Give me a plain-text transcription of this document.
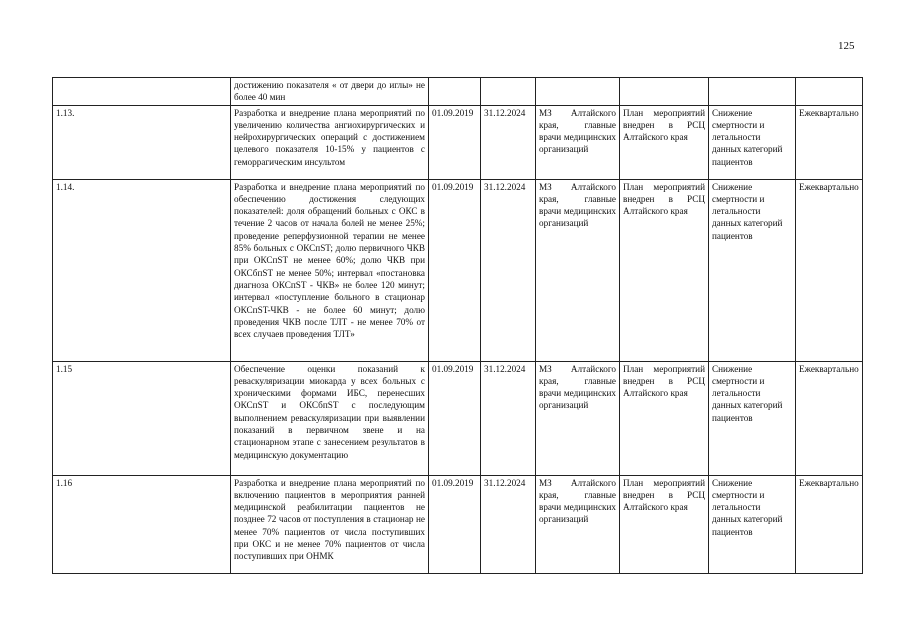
125
	достижению показателя « от двери до иглы» не более 40 мин						
1.13.	Разработка и внедрение плана мероприятий по увеличению количества ангиохирургических и нейрохирургических операций с достижением целевого показателя 10-15% у пациентов с геморрагическим инсультом	01.09.2019	31.12.2024	МЗ Алтайского края, главные врачи медицинских организаций	План мероприятий внедрен в РСЦ Алтайского края	Снижение смертности и летальности данных категорий пациентов	Ежеквартально
1.14.	Разработка и внедрение плана мероприятий по обеспечению достижения следующих показателей: доля обращений больных с ОКС в течение 2 часов от начала болей не менее 25%; проведение реперфузионной терапии не менее 85% больных с ОКСпST; долю первичного ЧКВ при ОКСпST не менее 60%; долю ЧКВ при ОКСбпST не менее 50%; интервал «постановка диагноза ОКСпST - ЧКВ» не более 120 минут; интервал «поступление больного в стационар ОКСпST-ЧКВ - не более 60 минут; долю проведения ЧКВ после ТЛТ - не менее 70% от всех случаев проведения ТЛТ»	01.09.2019	31.12.2024	МЗ Алтайского края, главные врачи медицинских организаций	План мероприятий внедрен в РСЦ Алтайского края	Снижение смертности и летальности данных категорий пациентов	Ежеквартально
1.15	Обеспечение оценки показаний к реваскуляризации миокарда у всех больных с хроническими формами ИБС, перенесших ОКСпST и ОКСбпST с последующим выполнением реваскуляризации при выявлении показаний в первичном звене и на стационарном этапе с занесением результатов в медицинскую документацию	01.09.2019	31.12.2024	МЗ Алтайского края, главные врачи медицинских организаций	План мероприятий внедрен в РСЦ Алтайского края	Снижение смертности и летальности данных категорий пациентов	Ежеквартально
1.16	Разработка и внедрение плана мероприятий по включению пациентов в мероприятия ранней медицинской реабилитации пациентов не позднее 72 часов от поступления в стационар не менее 70% пациентов от числа поступивших при ОКС и не менее 70% пациентов от числа поступивших при ОНМК	01.09.2019	31.12.2024	МЗ Алтайского края, главные врачи медицинских организаций	План мероприятий внедрен в РСЦ Алтайского края	Снижение смертности и летальности данных категорий пациентов	Ежеквартально
